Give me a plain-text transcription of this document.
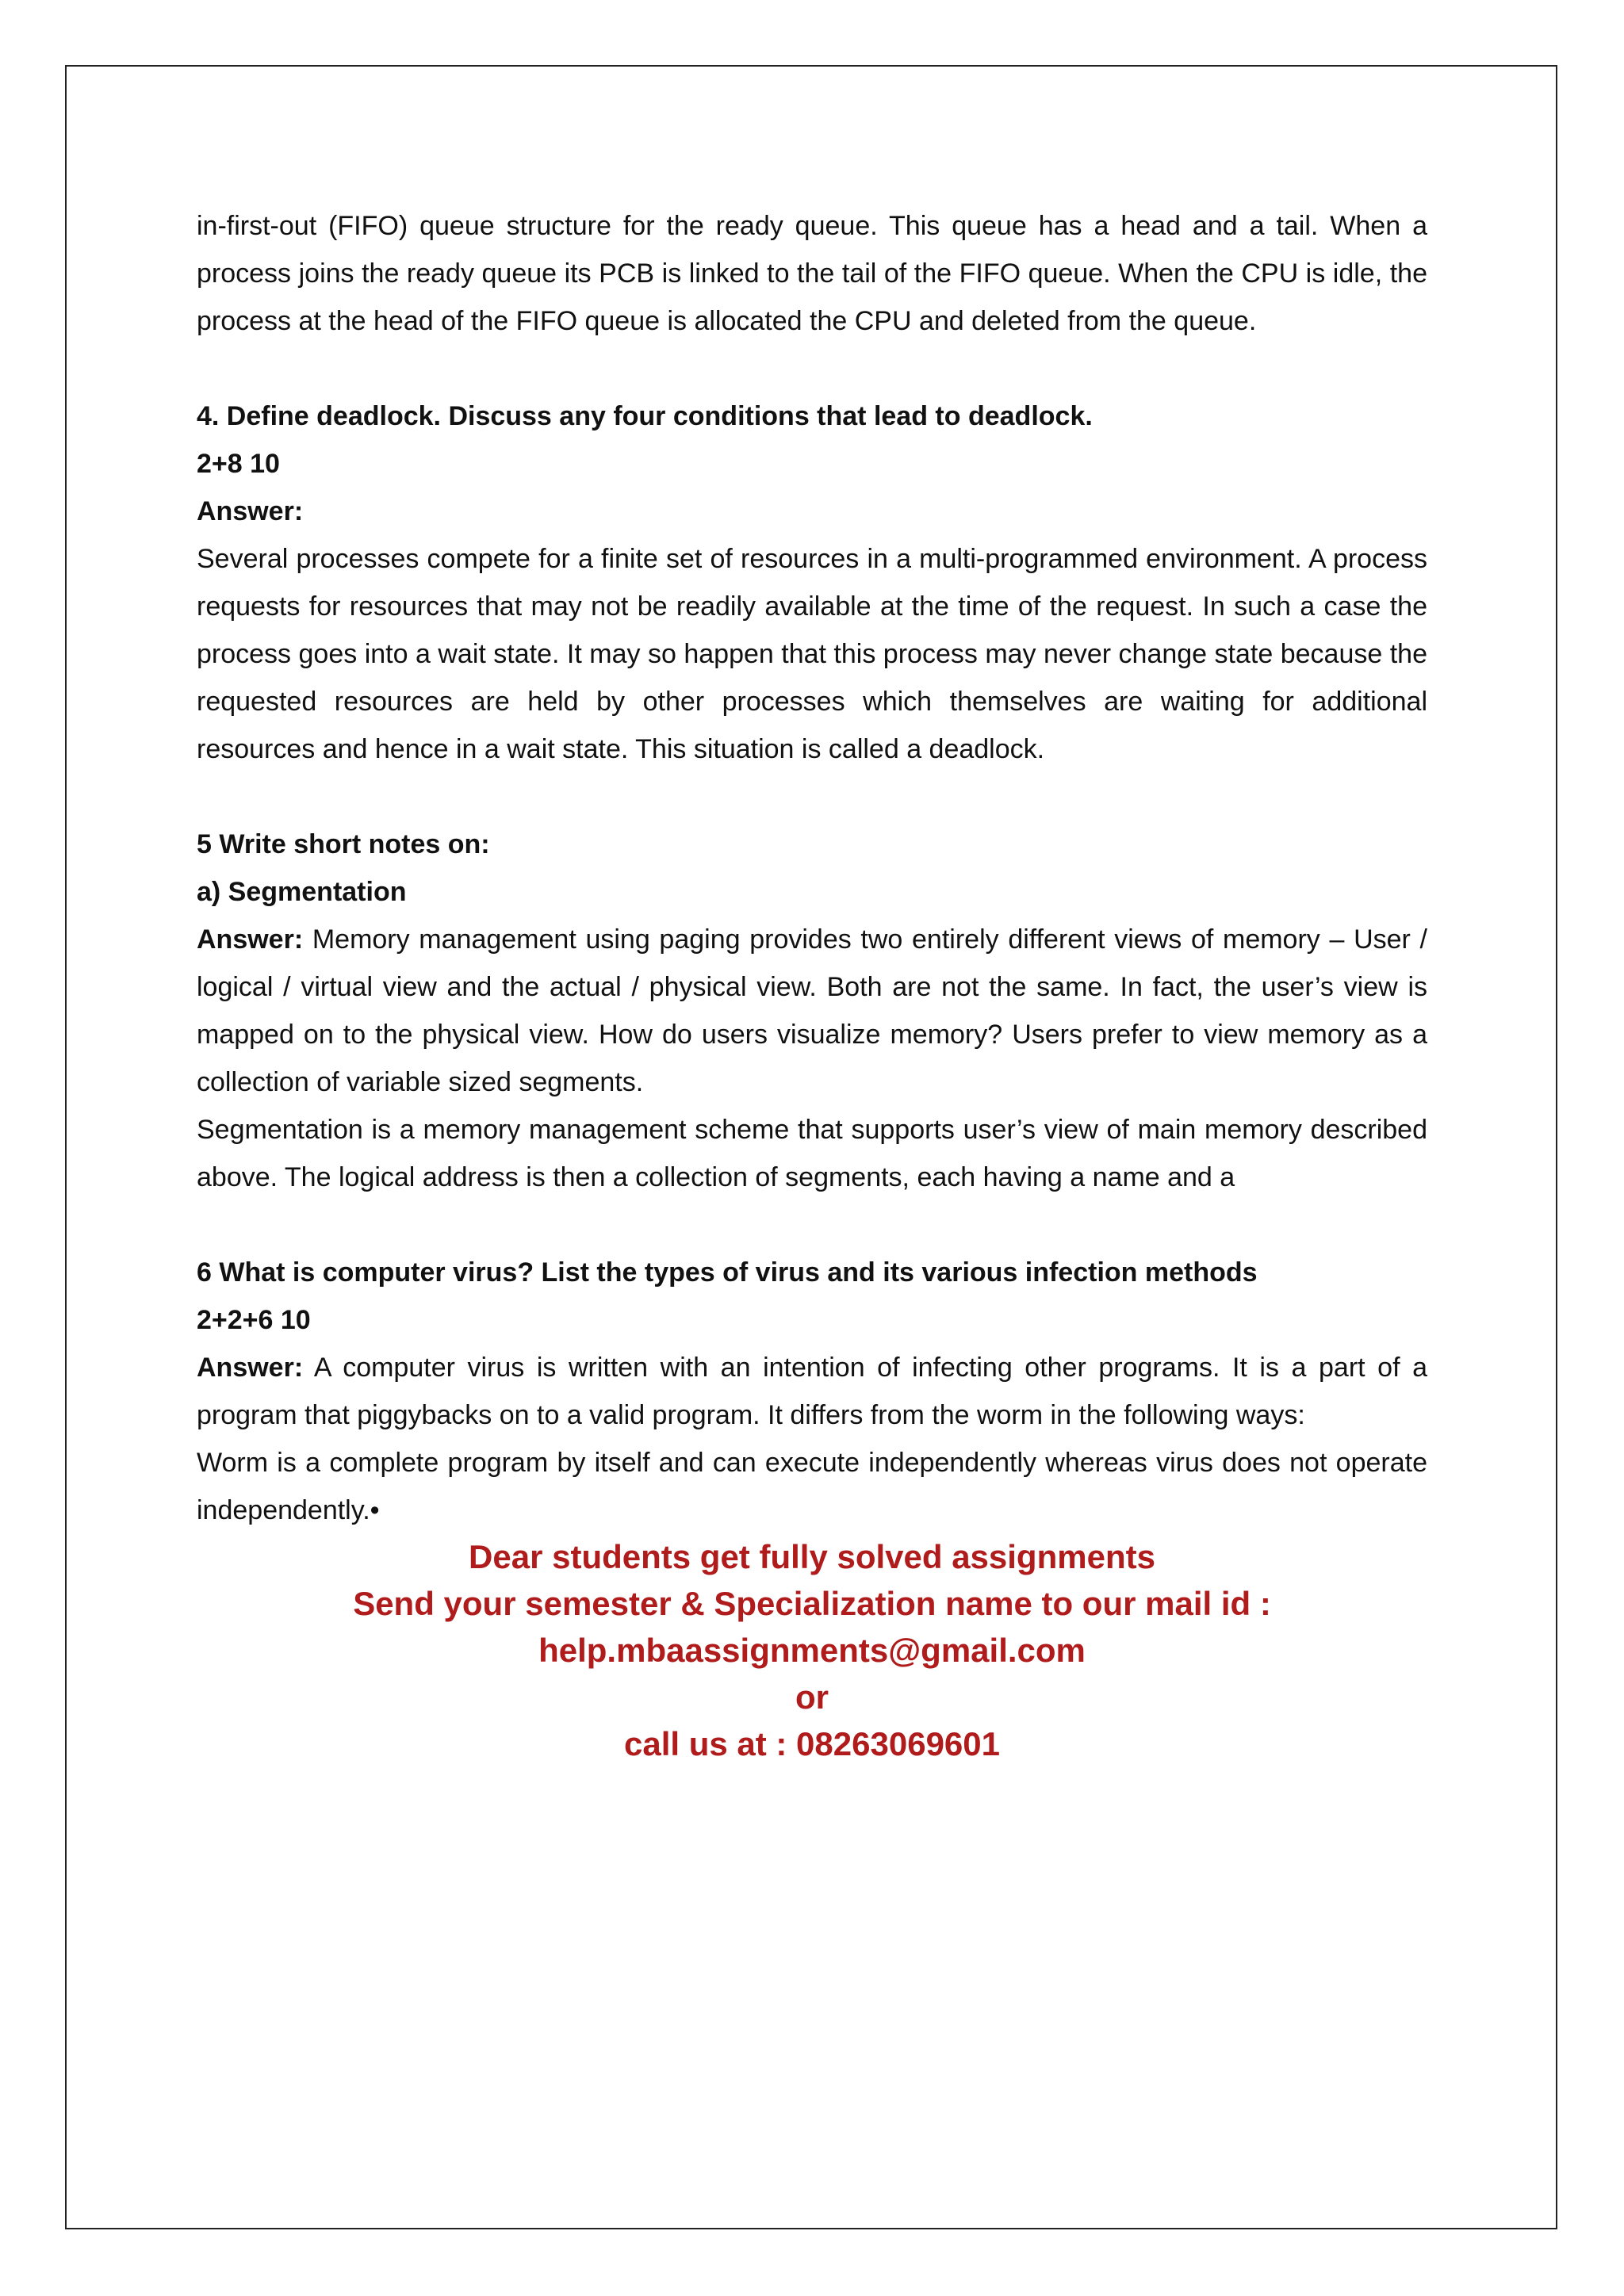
in-first-out (FIFO) queue structure for the ready queue. This queue has a head and a tail. When a process joins the ready queue its PCB is linked to the tail of the FIFO queue. When the CPU is idle, the process at the head of the FIFO queue is allocated the CPU and deleted from the queue.

4. Define deadlock. Discuss any four conditions that lead to deadlock.

2+8 10

Answer:

Several processes compete for a finite set of resources in a multi-programmed environment. A process requests for resources that may not be readily available at the time of the request. In such a case the process goes into a wait state. It may so happen that this process may never change state because the requested resources are held by other processes which themselves are waiting for additional resources and hence in a wait state. This situation is called a deadlock.

5 Write short notes on:

a) Segmentation

Answer: Memory management using paging provides two entirely different views of memory – User / logical / virtual view and the actual / physical view. Both are not the same. In fact, the user’s view is mapped on to the physical view. How do users visualize memory? Users prefer to view memory as a collection of variable sized segments.

Segmentation is a memory management scheme that supports user’s view of main memory described above. The logical address is then a collection of segments, each having a name and a

6 What is computer virus? List the types of virus and its various infection methods

2+2+6 10

Answer: A computer virus is written with an intention of infecting other programs. It is a part of a program that piggybacks on to a valid program. It differs from the worm in the following ways:

Worm is a complete program by itself and can execute independently whereas virus does not operate independently.•

Dear students get fully solved assignments
Send your semester & Specialization name to our mail id :
help.mbaassignments@gmail.com
or
call us at : 08263069601
